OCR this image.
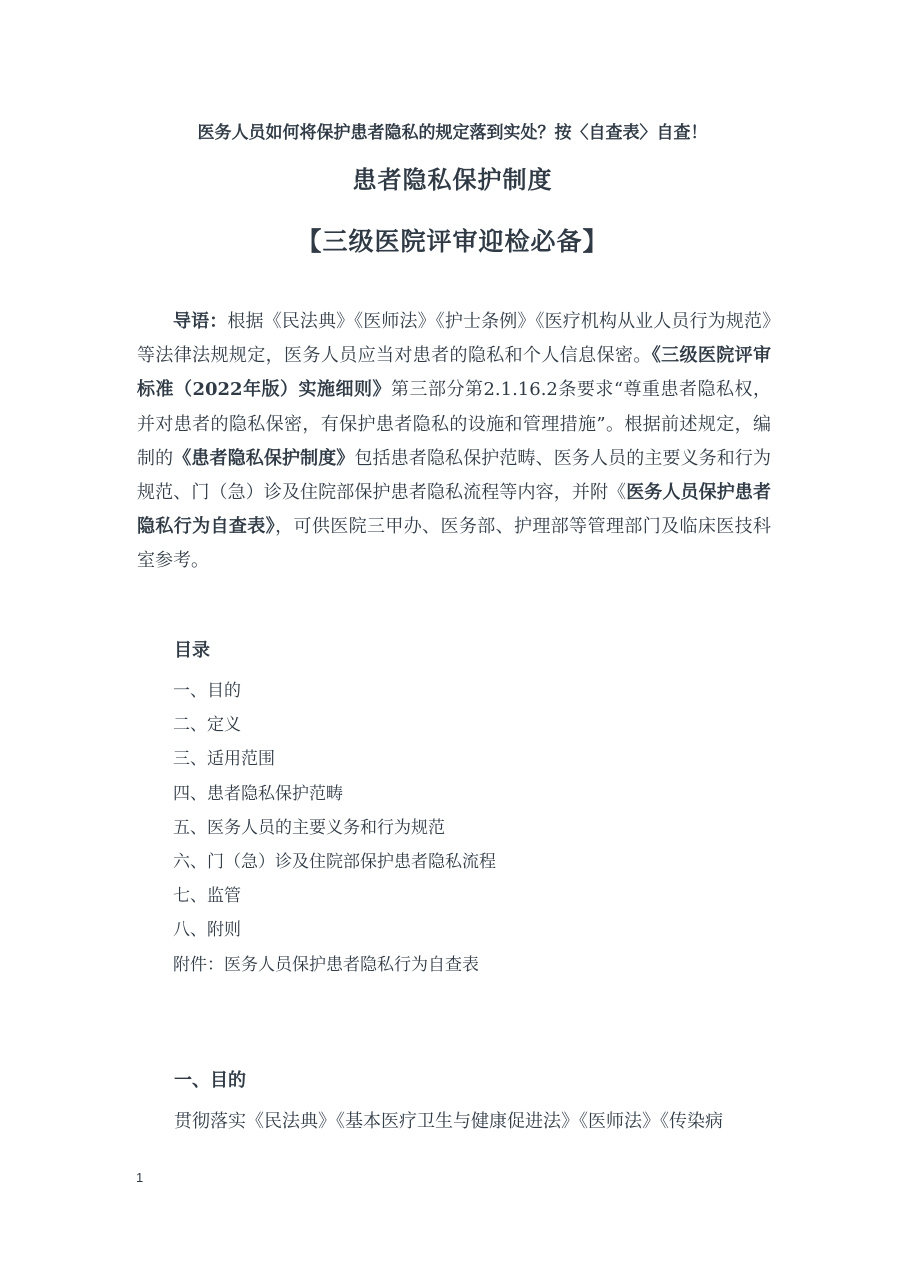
医务人员如何将保护患者隐私的规定落到实处？按〈自查表〉自查！
患者隐私保护制度
【三级医院评审迎检必备】

导语：根据《民法典》《医师法》《护士条例》《医疗机构从业人员行为规范》等法律法规规定，医务人员应当对患者的隐私和个人信息保密。《三级医院评审标准（2022年版）实施细则》第三部分第2.1.16.2条要求“尊重患者隐私权，并对患者的隐私保密，有保护患者隐私的设施和管理措施”。根据前述规定，编制的《患者隐私保护制度》包括患者隐私保护范畴、医务人员的主要义务和行为规范、门（急）诊及住院部保护患者隐私流程等内容，并附《医务人员保护患者隐私行为自查表》，可供医院三甲办、医务部、护理部等管理部门及临床医技科室参考。

目录
一、目的
二、定义
三、适用范围
四、患者隐私保护范畴
五、医务人员的主要义务和行为规范
六、门（急）诊及住院部保护患者隐私流程
七、监管
八、附则
附件：医务人员保护患者隐私行为自查表
一、目的
贯彻落实《民法典》《基本医疗卫生与健康促进法》《医师法》《传染病
1
